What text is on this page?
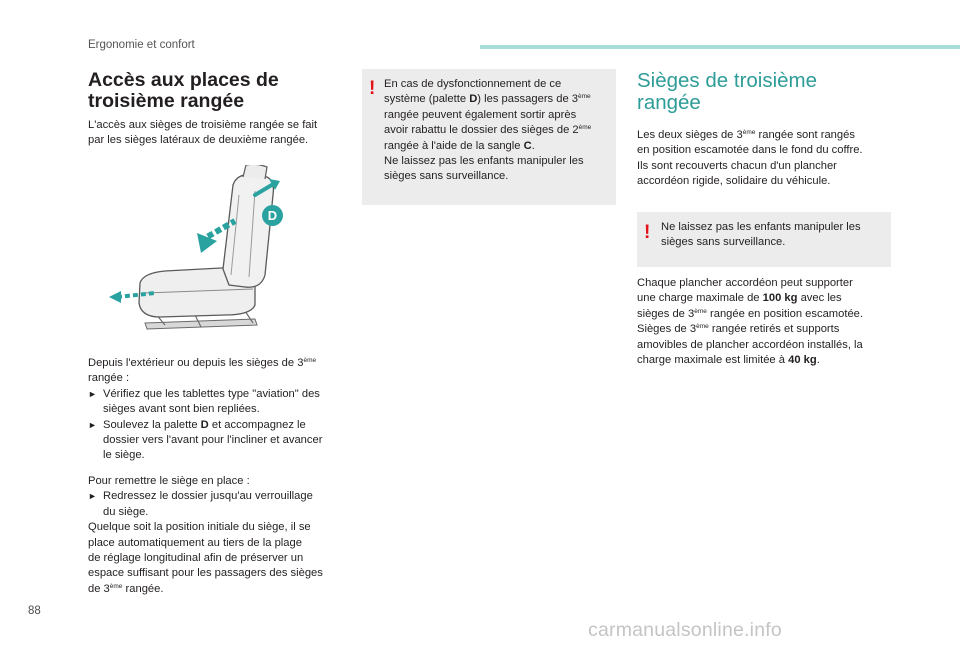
Ergonomie et confort
Accès aux places de
troisième rangée

L'accès aux sièges de troisième rangée se fait

par les sièges latéraux de deuxième rangée.

D

Depuis l'extérieur ou depuis les sièges de 3ème

rangée :

► Vérifiez que les tablettes type "aviation" des
sièges avant sont bien repliées.
► Soulevez la palette D et accompagnez le
dossier vers l'avant pour l'incliner et avancer
le siège.

Pour remettre le siège en place :

► Redressez le dossier jusqu'au verrouillage
du siège.

Quelque soit la position initiale du siège, il se

place automatiquement au tiers de la plage

de réglage longitudinal afin de préserver un

espace suffisant pour les passagers des sièges

de 3ème rangée.

! En cas de dysfonctionnement de ce

système (palette D) les passagers de 3ème

rangée peuvent également sortir après

avoir rabattu le dossier des sièges de 2ème

rangée à l'aide de la sangle C.

Ne laissez pas les enfants manipuler les

sièges sans surveillance.

Sièges de troisième
rangée

Les deux sièges de 3ème rangée sont rangés

en position escamotée dans le fond du coffre.

Ils sont recouverts chacun d'un plancher

accordéon rigide, solidaire du véhicule.

! Ne laissez pas les enfants manipuler les

sièges sans surveillance.

Chaque plancher accordéon peut supporter

une charge maximale de 100 kg avec les

sièges de 3ème rangée en position escamotée.

Sièges de 3ème rangée retirés et supports

amovibles de plancher accordéon installés, la

charge maximale est limitée à 40 kg.

88
carmanualsonline.info
